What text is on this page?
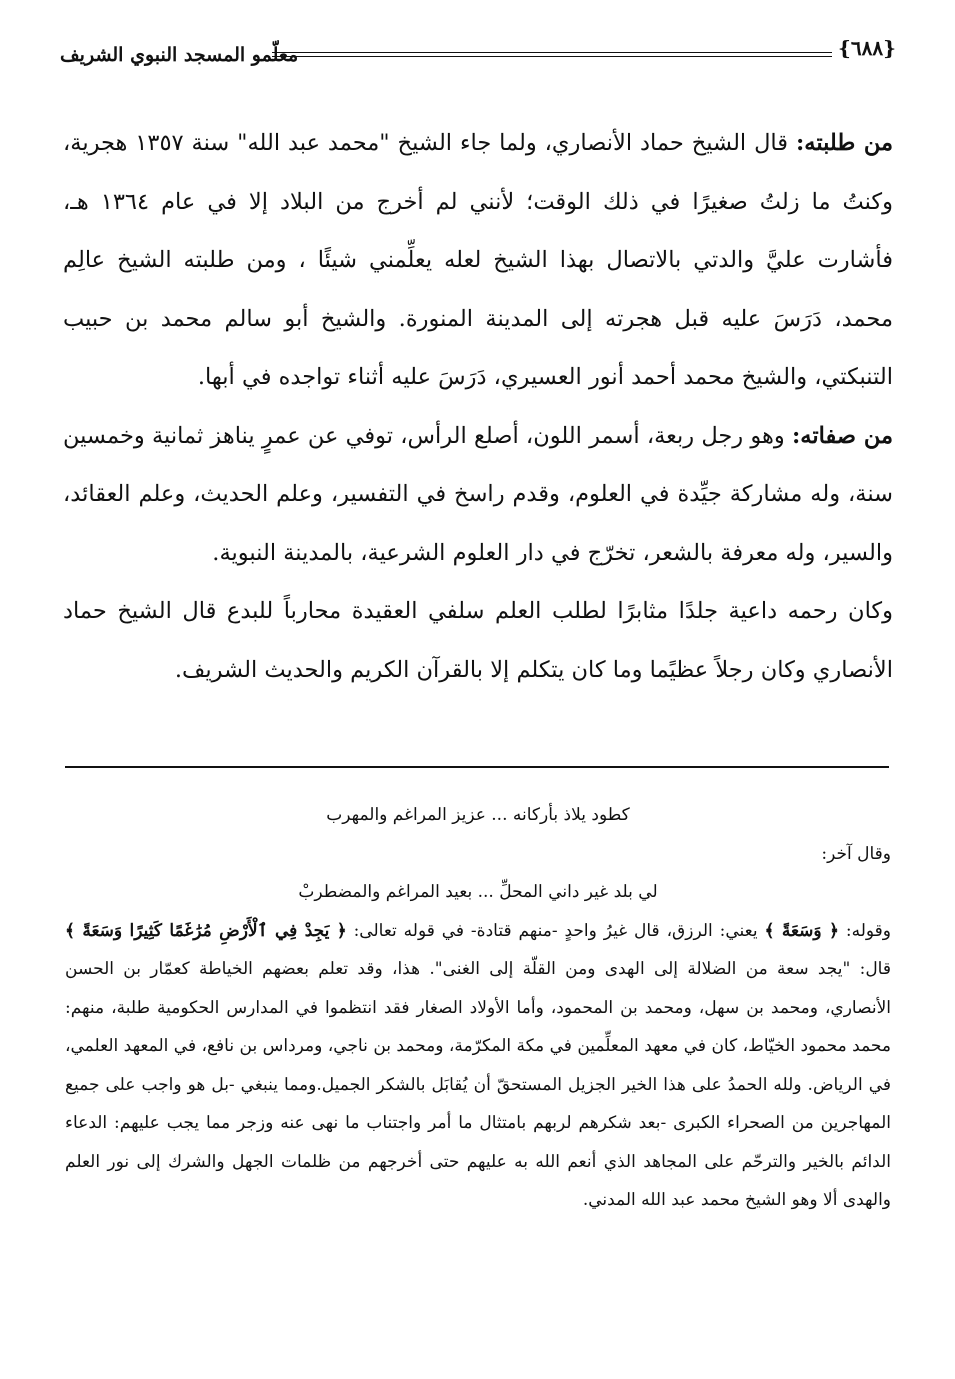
{٦٨٨}
معلّمو المسجد النبوي الشريف

من طلبته: قال الشيخ حماد الأنصاري، ولما جاء الشيخ "محمد عبد الله" سنة ١٣٥٧ هجرية، وكنتُ ما زلتُ صغيرًا في ذلك الوقت؛ لأنني لم أخرج من البلاد إلا في عام ١٣٦٤ هـ، فأشارت عليَّ والدتي بالاتصال بهذا الشيخ لعله يعلِّمني شيئًا ، ومن طلبته الشيخ عالِم محمد، دَرَسَ عليه قبل هجرته إلى المدينة المنورة. والشيخ أبو سالم محمد بن حبيب التنبكتي، والشيخ محمد أحمد أنور العسيري، دَرَسَ عليه أثناء تواجده في أبها.

من صفاته: وهو رجل ربعة، أسمر اللون، أصلع الرأس، توفي عن عمرٍ يناهز ثمانية وخمسين سنة، وله مشاركة جيِّدة في العلوم، وقدم راسخ في التفسير، وعلم الحديث، وعلم العقائد، والسير، وله معرفة بالشعر، تخرّج في دار العلوم الشرعية، بالمدينة النبوية.

وكان رحمه داعية جلدًا مثابرًا لطلب العلم سلفي العقيدة محارباً للبدع قال الشيخ حماد الأنصاري وكان رجلاً عظيًما وما كان يتكلم إلا بالقرآن الكريم والحديث الشريف.

كطود يلاذ بأركانه ... عزيز المراغم والمهرب

وقال آخر:

لي بلد غير داني المحلِّ ... بعيد المراغم والمضطربْ

وقوله: ﴿ وَسَعَةً ﴾ يعني: الرزق، قال غيرُ واحدٍ -منهم قتادة- في قوله تعالى: ﴿ يَجِدْ فِي ٱلْأَرْضِ مُرَٰغَمًا كَثِيرًا وَسَعَةً ﴾ قال: "يجد سعة من الضلالة إلى الهدى ومن القلّة إلى الغنى". هذا، وقد تعلم بعضهم الخياطة كعمّار بن الحسن الأنصاري، ومحمد بن سهل، ومحمد بن المحمود، وأما الأولاد الصغار فقد انتظموا في المدارس الحكومية طلبة، منهم: محمد محمود الخيّاط، كان في معهد المعلِّمين في مكة المكرّمة، ومحمد بن ناجي، ومرداس بن نافع، في المعهد العلمي، في الرياض. ولله الحمدُ على هذا الخير الجزيل المستحقّ أن يُقابَل بالشكر الجميل.ومما ينبغي -بل هو واجب على جميع المهاجرين من الصحراء الكبرى -بعد شكرهم لربهم بامتثال ما أمر واجتناب ما نهى عنه وزجر مما يجب عليهم: الدعاء الدائم بالخير والترحّم على المجاهد الذي أنعم الله به عليهم حتى أخرجهم من ظلمات الجهل والشرك إلى نور العلم والهدى ألا وهو الشيخ محمد عبد الله المدني.
